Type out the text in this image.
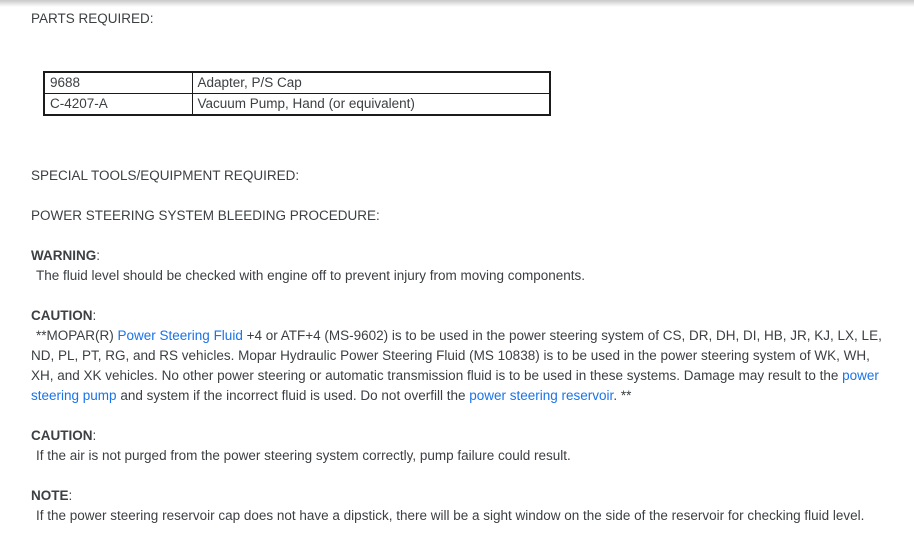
PARTS REQUIRED:

9688	Adapter, P/S Cap
C-4207-A	Vacuum Pump, Hand (or equivalent)

SPECIAL TOOLS/EQUIPMENT REQUIRED:

POWER STEERING SYSTEM BLEEDING PROCEDURE:

WARNING:

The fluid level should be checked with engine off to prevent injury from moving components.

CAUTION:

**MOPAR(R) Power Steering Fluid +4 or ATF+4 (MS-9602) is to be used in the power steering system of CS, DR, DH, DI, HB, JR, KJ, LX, LE, ND, PL, PT, RG, and RS vehicles. Mopar Hydraulic Power Steering Fluid (MS 10838) is to be used in the power steering system of WK, WH, XH, and XK vehicles. No other power steering or automatic transmission fluid is to be used in these systems. Damage may result to the power steering pump and system if the incorrect fluid is used. Do not overfill the power steering reservoir. **

CAUTION:

If the air is not purged from the power steering system correctly, pump failure could result.

NOTE:

If the power steering reservoir cap does not have a dipstick, there will be a sight window on the side of the reservoir for checking fluid level.
